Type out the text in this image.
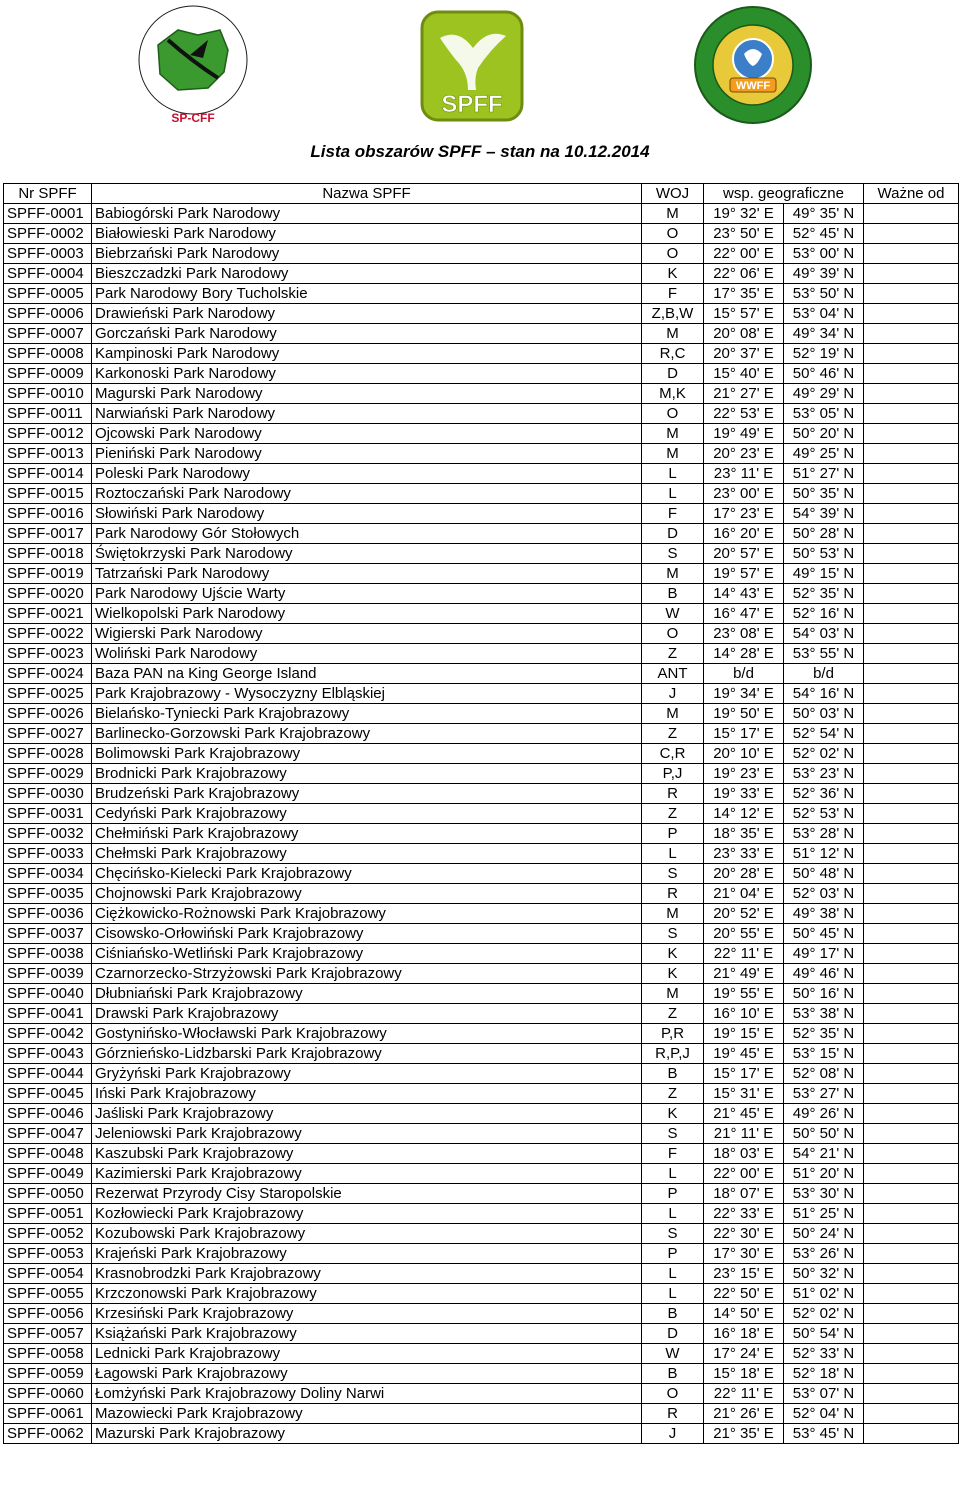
SP-CFF	SPFF
WWFF
Lista obszarów SPFF – stan na 10.12.2014
Nr SPFF	Nazwa SPFF	WOJ	wsp. geograficzne		Ważne od
SPFF-0001	Babiogórski Park Narodowy	M	19° 32' E	49° 35' N	
SPFF-0002	Białowieski Park Narodowy	O	23° 50' E	52° 45' N	
SPFF-0003	Biebrzański Park Narodowy	O	22° 00' E	53° 00' N	
SPFF-0004	Bieszczadzki Park Narodowy	K	22° 06' E	49° 39' N	
SPFF-0005	Park Narodowy Bory Tucholskie	F	17° 35' E	53° 50' N	
SPFF-0006	Drawieński Park Narodowy	Z,B,W	15° 57' E	53° 04' N	
SPFF-0007	Gorczański Park Narodowy	M	20° 08' E	49° 34' N	
SPFF-0008	Kampinoski Park Narodowy	R,C	20° 37' E	52° 19' N	
SPFF-0009	Karkonoski Park Narodowy	D	15° 40' E	50° 46' N	
SPFF-0010	Magurski Park Narodowy	M,K	21° 27' E	49° 29' N	
SPFF-0011	Narwiański Park Narodowy	O	22° 53' E	53° 05' N	
SPFF-0012	Ojcowski Park Narodowy	M	19° 49' E	50° 20' N	
SPFF-0013	Pieniński Park Narodowy	M	20° 23' E	49° 25' N	
SPFF-0014	Poleski Park Narodowy	L	23° 11' E	51° 27' N	
SPFF-0015	Roztoczański Park Narodowy	L	23° 00' E	50° 35' N	
SPFF-0016	Słowiński Park Narodowy	F	17° 23' E	54° 39' N	
SPFF-0017	Park Narodowy Gór Stołowych	D	16° 20' E	50° 28' N	
SPFF-0018	Świętokrzyski Park Narodowy	S	20° 57' E	50° 53' N	
SPFF-0019	Tatrzański Park Narodowy	M	19° 57' E	49° 15' N	
SPFF-0020	Park Narodowy Ujście Warty	B	14° 43' E	52° 35' N	
SPFF-0021	Wielkopolski Park Narodowy	W	16° 47' E	52° 16' N	
SPFF-0022	Wigierski Park Narodowy	O	23° 08' E	54° 03' N	
SPFF-0023	Woliński Park Narodowy	Z	14° 28' E	53° 55' N	
SPFF-0024	Baza PAN na King George Island	ANT	b/d	b/d	
SPFF-0025	Park Krajobrazowy - Wysoczyzny Elbląskiej	J	19° 34' E	54° 16' N	
SPFF-0026	Bielańsko-Tyniecki Park Krajobrazowy	M	19° 50' E	50° 03' N	
SPFF-0027	Barlinecko-Gorzowski Park Krajobrazowy	Z	15° 17' E	52° 54' N	
SPFF-0028	Bolimowski Park Krajobrazowy	C,R	20° 10' E	52° 02' N	
SPFF-0029	Brodnicki Park Krajobrazowy	P,J	19° 23' E	53° 23' N	
SPFF-0030	Brudzeński Park Krajobrazowy	R	19° 33' E	52° 36' N	
SPFF-0031	Cedyński Park Krajobrazowy	Z	14° 12' E	52° 53' N	
SPFF-0032	Chełmiński Park Krajobrazowy	P	18° 35' E	53° 28' N	
SPFF-0033	Chełmski Park Krajobrazowy	L	23° 33' E	51° 12' N	
SPFF-0034	Chęcińsko-Kielecki Park Krajobrazowy	S	20° 28' E	50° 48' N	
SPFF-0035	Chojnowski Park Krajobrazowy	R	21° 04' E	52° 03' N	
SPFF-0036	Ciężkowicko-Rożnowski Park Krajobrazowy	M	20° 52' E	49° 38' N	
SPFF-0037	Cisowsko-Orłowiński Park Krajobrazowy	S	20° 55' E	50° 45' N	
SPFF-0038	Ciśniańsko-Wetliński Park Krajobrazowy	K	22° 11' E	49° 17' N	
SPFF-0039	Czarnorzecko-Strzyżowski Park Krajobrazowy	K	21° 49' E	49° 46' N	
SPFF-0040	Dłubniański Park Krajobrazowy	M	19° 55' E	50° 16' N	
SPFF-0041	Drawski Park Krajobrazowy	Z	16° 10' E	53° 38' N	
SPFF-0042	Gostynińsko-Włocławski Park Krajobrazowy	P,R	19° 15' E	52° 35' N	
SPFF-0043	Górznieńsko-Lidzbarski Park Krajobrazowy	R,P,J	19° 45' E	53° 15' N	
SPFF-0044	Gryżyński Park Krajobrazowy	B	15° 17' E	52° 08' N	
SPFF-0045	Iński Park Krajobrazowy	Z	15° 31' E	53° 27' N	
SPFF-0046	Jaśliski Park Krajobrazowy	K	21° 45' E	49° 26' N	
SPFF-0047	Jeleniowski Park Krajobrazowy	S	21° 11' E	50° 50' N	
SPFF-0048	Kaszubski Park Krajobrazowy	F	18° 03' E	54° 21' N	
SPFF-0049	Kazimierski Park Krajobrazowy	L	22° 00' E	51° 20' N	
SPFF-0050	Rezerwat Przyrody Cisy Staropolskie	P	18° 07' E	53° 30' N	
SPFF-0051	Kozłowiecki Park Krajobrazowy	L	22° 33' E	51° 25' N	
SPFF-0052	Kozubowski Park Krajobrazowy	S	22° 30' E	50° 24' N	
SPFF-0053	Krajeński Park Krajobrazowy	P	17° 30' E	53° 26' N	
SPFF-0054	Krasnobrodzki Park Krajobrazowy	L	23° 15' E	50° 32' N	
SPFF-0055	Krzczonowski Park Krajobrazowy	L	22° 50' E	51° 02' N	
SPFF-0056	Krzesiński Park Krajobrazowy	B	14° 50' E	52° 02' N	
SPFF-0057	Książański Park Krajobrazowy	D	16° 18' E	50° 54' N	
SPFF-0058	Lednicki Park Krajobrazowy	W	17° 24' E	52° 33' N	
SPFF-0059	Łagowski Park Krajobrazowy	B	15° 18' E	52° 18' N	
SPFF-0060	Łomżyński Park Krajobrazowy Doliny Narwi	O	22° 11' E	53° 07' N	
SPFF-0061	Mazowiecki Park Krajobrazowy	R	21° 26' E	52° 04' N	
SPFF-0062	Mazurski Park Krajobrazowy	J	21° 35' E	53° 45' N	
